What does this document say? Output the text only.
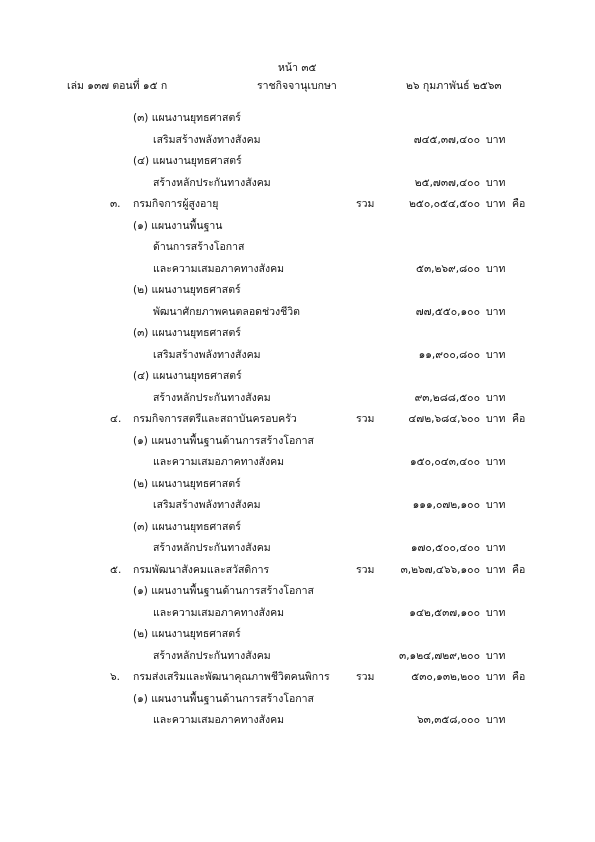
หน้า ๓๕
เล่ม ๑๓๗ ตอนที่ ๑๕ ก	ราชกิจจานุเบกษา	๒๖ กุมภาพันธ์ ๒๕๖๓
(๓) แผนงานยุทธศาสตร์
เสริมสร้างพลังทางสังคม	๗๔๕,๓๗,๔๐๐ บาท
(๔) แผนงานยุทธศาสตร์
สร้างหลักประกันทางสังคม	๒๕,๗๓๗,๔๐๐ บาท
๓. กรมกิจการผู้สูงอายุ	รวม	๒๕๐,๐๕๔,๕๐๐ บาท คือ
(๑) แผนงานพื้นฐาน
ด้านการสร้างโอกาส
และความเสมอภาคทางสังคม	๕๓,๒๖๙,๘๐๐ บาท
(๒) แผนงานยุทธศาสตร์
พัฒนาศักยภาพคนตลอดช่วงชีวิต	๗๗,๕๕๐,๑๐๐ บาท
(๓) แผนงานยุทธศาสตร์
เสริมสร้างพลังทางสังคม	๑๑,๙๐๐,๘๐๐ บาท
(๔) แผนงานยุทธศาสตร์
สร้างหลักประกันทางสังคม	๙๓,๒๘๘,๕๐๐ บาท
๔. กรมกิจการสตรีและสถาบันครอบครัว	รวม	๔๗๒,๖๘๔,๖๐๐ บาท คือ
(๑) แผนงานพื้นฐานด้านการสร้างโอกาส
และความเสมอภาคทางสังคม	๑๕๐,๐๔๓,๔๐๐ บาท
(๒) แผนงานยุทธศาสตร์
เสริมสร้างพลังทางสังคม	๑๑๑,๐๗๒,๑๐๐ บาท
(๓) แผนงานยุทธศาสตร์
สร้างหลักประกันทางสังคม	๑๗๐,๕๐๐,๔๐๐ บาท
๕. กรมพัฒนาสังคมและสวัสดิการ	รวม ๓,๒๖๗,๔๖๖,๑๐๐ บาท คือ
(๑) แผนงานพื้นฐานด้านการสร้างโอกาส
และความเสมอภาคทางสังคม	๑๔๒,๕๓๗,๑๐๐ บาท
(๒) แผนงานยุทธศาสตร์
สร้างหลักประกันทางสังคม	๓,๑๒๔,๗๒๙,๒๐๐ บาท
๖. กรมส่งเสริมและพัฒนาคุณภาพชีวิตคนพิการ	รวม	๕๓๐,๑๓๒,๒๐๐ บาท คือ
(๑) แผนงานพื้นฐานด้านการสร้างโอกาส
และความเสมอภาคทางสังคม	๖๓,๓๕๘,๐๐๐ บาท
